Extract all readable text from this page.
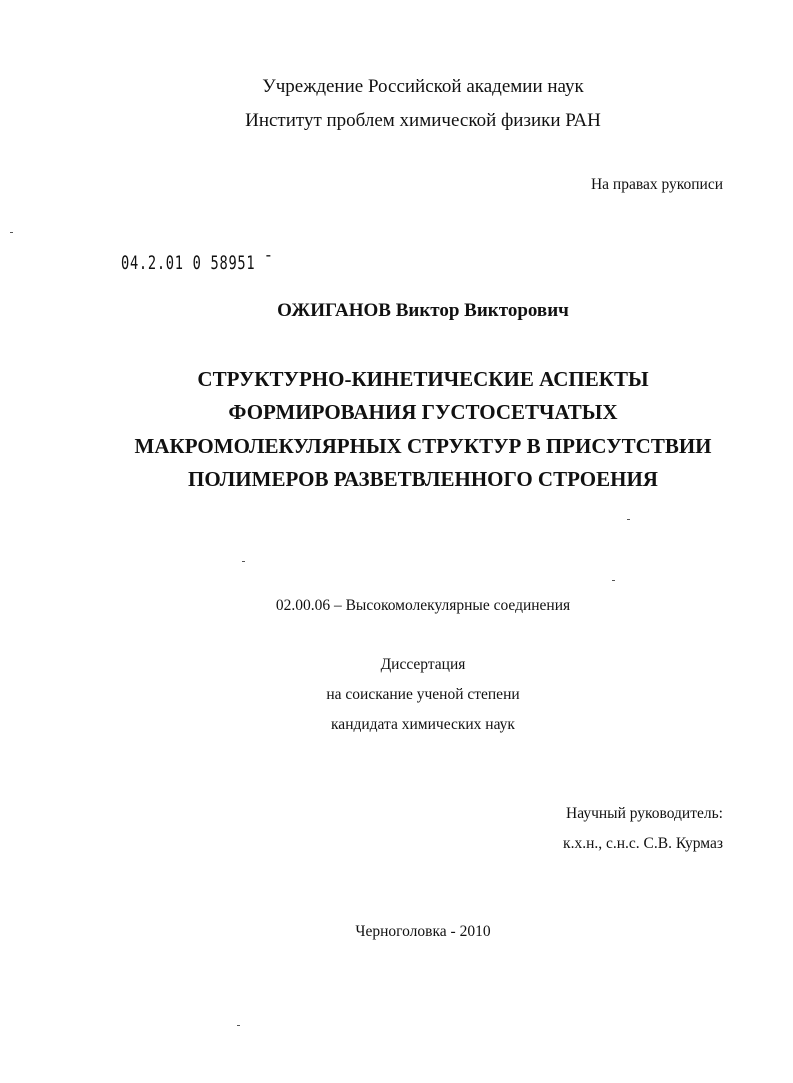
Учреждение Российской академии наук
Институт проблем химической физики РАН
На правах рукописи
04.2.01 0 58951 ˉ
ОЖИГАНОВ Виктор Викторович
СТРУКТУРНО-КИНЕТИЧЕСКИЕ АСПЕКТЫ
ФОРМИРОВАНИЯ ГУСТОСЕТЧАТЫХ
МАКРОМОЛЕКУЛЯРНЫХ СТРУКТУР В ПРИСУТСТВИИ
ПОЛИМЕРОВ РАЗВЕТВЛЕННОГО СТРОЕНИЯ
02.00.06 – Высокомолекулярные соединения
Диссертация
на соискание ученой степени
кандидата химических наук
Научный руководитель:
к.х.н., с.н.с. С.В. Курмаз
Черноголовка - 2010
